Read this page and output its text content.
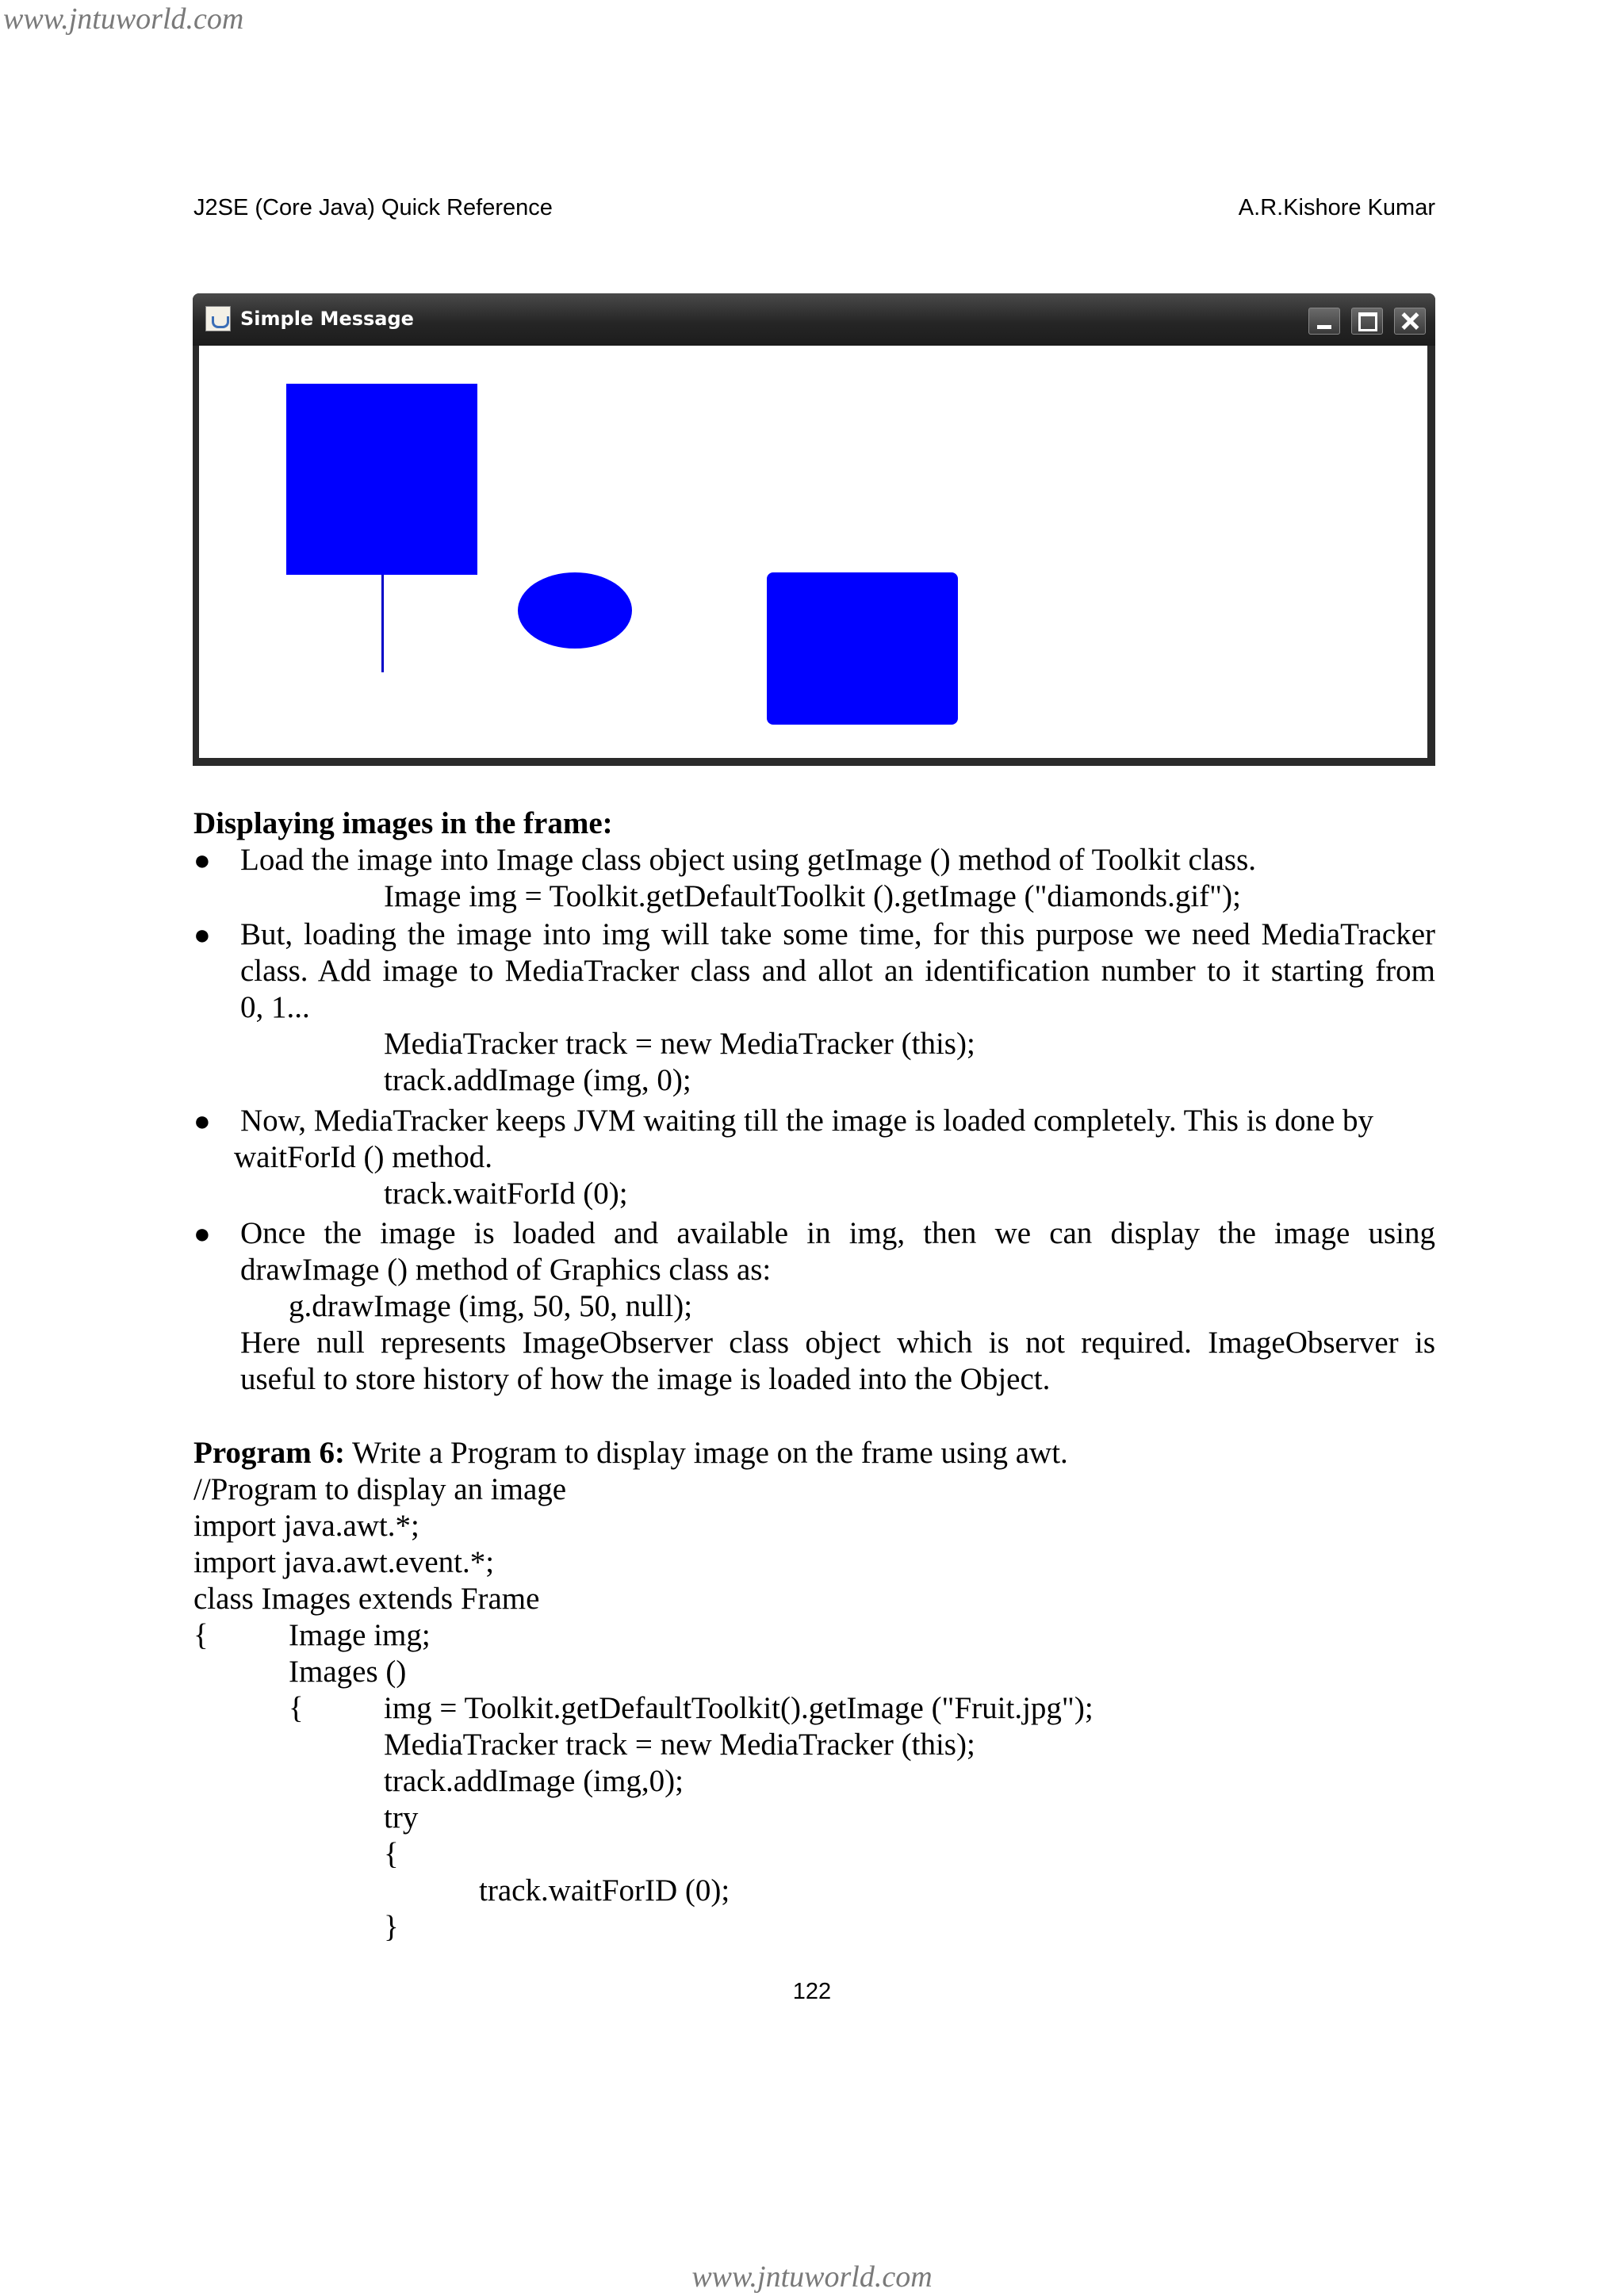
www.jntuworld.com
J2SE (Core Java) Quick Reference	A.R.Kishore Kumar
Simple Message
Displaying images in the frame:
● Load the image into Image class object using getImage () method of Toolkit class.
Image img = Toolkit.getDefaultToolkit ().getImage ("diamonds.gif");
● But, loading the image into img will take some time, for this purpose we need MediaTracker
class. Add image to MediaTracker class and allot an identification number to it starting from
0, 1...
MediaTracker track = new MediaTracker (this);
track.addImage (img, 0);
● Now, MediaTracker keeps JVM waiting till the image is loaded completely. This is done by
waitForId () method.
track.waitForId (0);
● Once the image is loaded and available in img, then we can display the image using
drawImage () method of Graphics class as:
g.drawImage (img, 50, 50, null);
Here null represents ImageObserver class object which is not required. ImageObserver is
useful to store history of how the image is loaded into the Object.
Program 6: Write a Program to display image on the frame using awt.
//Program to display an image
import java.awt.*;
import java.awt.event.*;
class Images extends Frame
{	Image img;
Images ()
{	img = Toolkit.getDefaultToolkit().getImage ("Fruit.jpg");
MediaTracker track = new MediaTracker (this);
track.addImage (img,0);
try
{
track.waitForID (0);
}
122
www.jntuworld.com
